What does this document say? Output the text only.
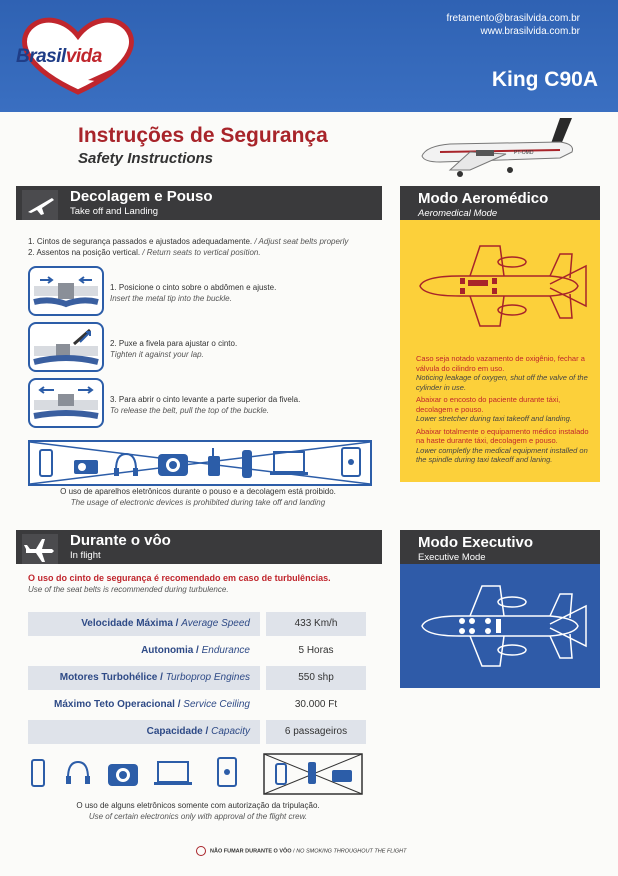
Brasilvida
fretamento@brasilvida.com.br
www.brasilvida.com.br
King C90A
Instruções de Segurança
Safety Instructions	PT-OMD
Decolagem e Pouso
Take off and Landing
Modo Aeromédico
Aeromedical Mode
1. Cintos de segurança passados e ajustados adequadamente. / Adjust seat belts properly
2. Assentos na posição vertical. / Return seats to vertical position.
1. Posicione o cinto sobre o abdômen e ajuste.
Insert the metal tip into the buckle.
2. Puxe a fivela para ajustar o cinto.
Tighten it against your lap.
3. Para abrir o cinto levante a parte superior da fivela.
To release the belt, pull the top of the buckle.
O uso de aparelhos eletrônicos durante o pouso e a decolagem está proibido.
The usage of electronic devices is prohibited during take off and landing
Caso seja notado vazamento de oxigênio, fechar a válvula do cilindro em uso.
Noticing leakage of oxygen, shut off the valve of the cylinder in use.
Abaixar o encosto do paciente durante táxi, decolagem e pouso.
Lower stretcher during taxi takeoff and landing.
Abaixar totalmente o equipamento médico instalado na haste durante táxi, decolagem e pouso.
Lower completly the medical equipment installed on the spindle during taxi takeoff and laning.
Durante o vôo
In flight
Modo Executivo
Executive Mode
O uso do cinto de segurança é recomendado em caso de turbulências.
Use of the seat belts is recommended during turbulence.
Velocidade Máxima / Average Speed	433 Km/h
Autonomia / Endurance	5 Horas
Motores Turbohélice / Turboprop Engines	550 shp
Máximo Teto Operacional / Service Ceiling	30.000 Ft
Capacidade / Capacity	6 passageiros
O uso de alguns eletrônicos somente com autorização da tripulação.
Use of certain electronics only with approval of the flight crew.
NÃO FUMAR DURANTE O VÔO / NO SMOKING THROUGHOUT THE FLIGHT
